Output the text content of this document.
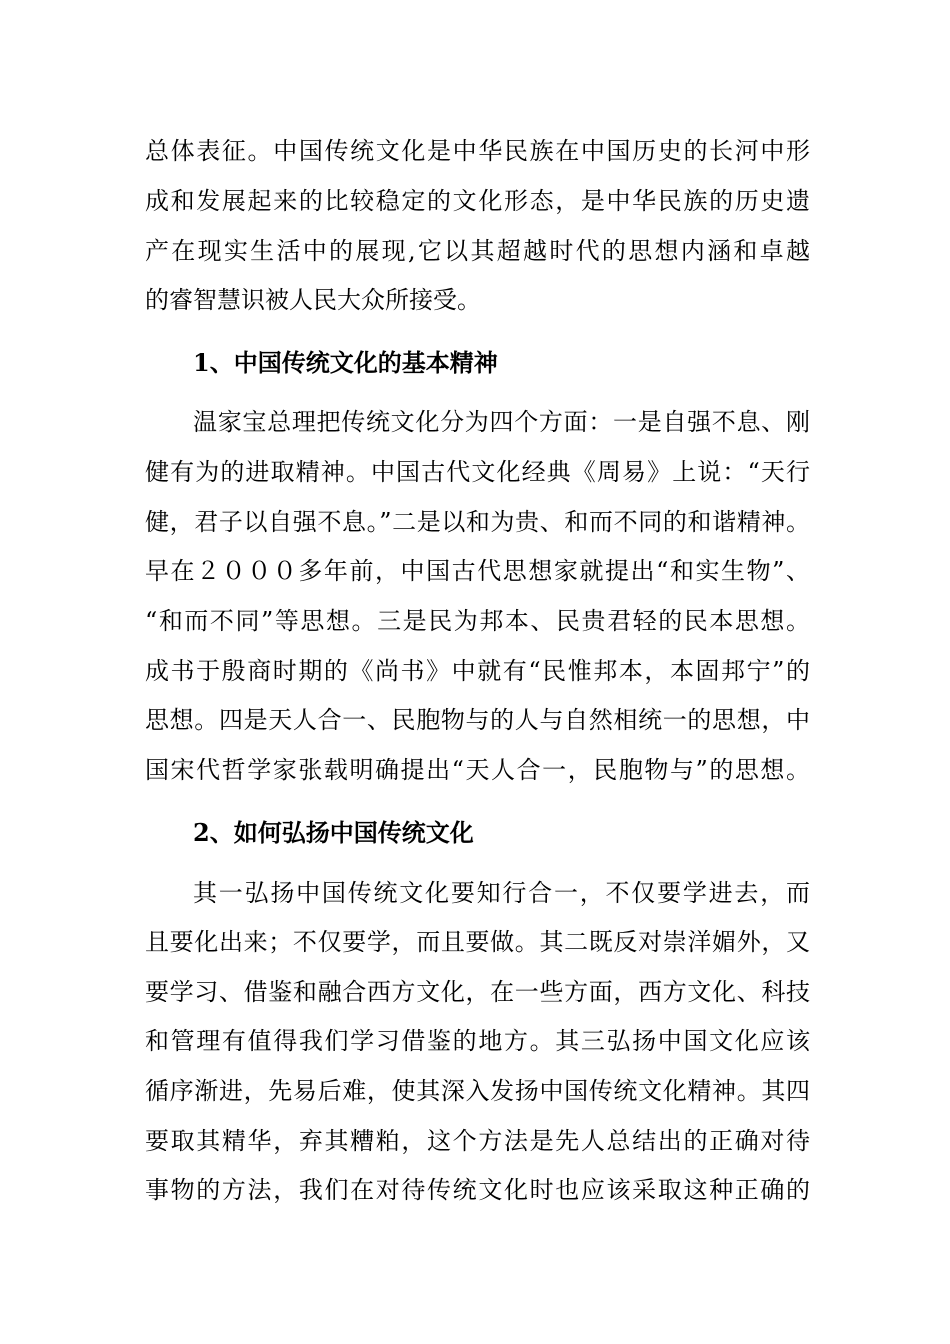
总体表征。中国传统文化是中华民族在中国历史的长河中形
成和发展起来的比较稳定的文化形态，是中华民族的历史遗
产在现实生活中的展现,它以其超越时代的思想内涵和卓越
的睿智慧识被人民大众所接受。
1、中国传统文化的基本精神
温家宝总理把传统文化分为四个方面：一是自强不息、刚
健有为的进取精神。中国古代文化经典《周易》上说：“天行
健，君子以自强不息。”二是以和为贵、和而不同的和谐精神。
早在２０００多年前，中国古代思想家就提出“和实生物”、
“和而不同”等思想。三是民为邦本、民贵君轻的民本思想。
成书于殷商时期的《尚书》中就有“民惟邦本，本固邦宁”的
思想。四是天人合一、民胞物与的人与自然相统一的思想，中
国宋代哲学家张载明确提出“天人合一，民胞物与”的思想。
2、如何弘扬中国传统文化
其一弘扬中国传统文化要知行合一，不仅要学进去，而
且要化出来；不仅要学，而且要做。其二既反对崇洋媚外，又
要学习、借鉴和融合西方文化，在一些方面，西方文化、科技
和管理有值得我们学习借鉴的地方。其三弘扬中国文化应该
循序渐进，先易后难，使其深入发扬中国传统文化精神。其四
要取其精华，弃其糟粕，这个方法是先人总结出的正确对待
事物的方法，我们在对待传统文化时也应该采取这种正确的
